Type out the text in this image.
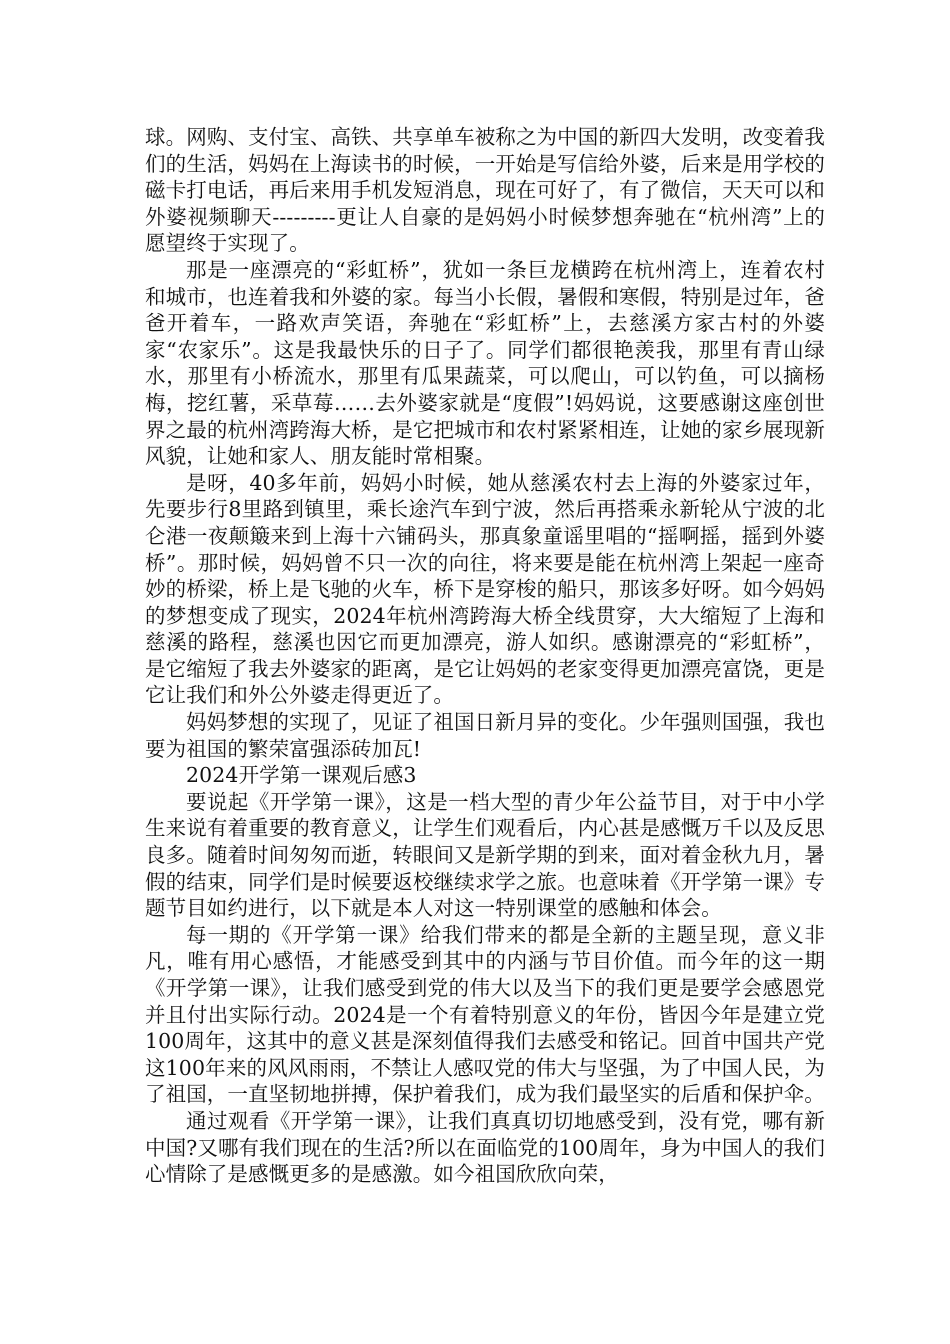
球。网购、支付宝、高铁、共享单车被称之为中国的新四大发明，改变着我们的生活，妈妈在上海读书的时候，一开始是写信给外婆，后来是用学校的磁卡打电话，再后来用手机发短消息，现在可好了，有了微信，天天可以和外婆视频聊天---------更让人自豪的是妈妈小时候梦想奔驰在“杭州湾”上的愿望终于实现了。

那是一座漂亮的“彩虹桥”，犹如一条巨龙横跨在杭州湾上，连着农村和城市，也连着我和外婆的家。每当小长假，暑假和寒假，特别是过年，爸爸开着车，一路欢声笑语，奔驰在“彩虹桥”上，去慈溪方家古村的外婆家“农家乐”。这是我最快乐的日子了。同学们都很艳羡我，那里有青山绿水，那里有小桥流水，那里有瓜果蔬菜，可以爬山，可以钓鱼，可以摘杨梅，挖红薯，采草莓……去外婆家就是“度假”!妈妈说，这要感谢这座创世界之最的杭州湾跨海大桥，是它把城市和农村紧紧相连，让她的家乡展现新风貌，让她和家人、朋友能时常相聚。

是呀，40多年前，妈妈小时候，她从慈溪农村去上海的外婆家过年，先要步行8里路到镇里，乘长途汽车到宁波，然后再搭乘永新轮从宁波的北仑港一夜颠簸来到上海十六铺码头，那真象童谣里唱的“摇啊摇，摇到外婆桥”。那时候，妈妈曾不只一次的向往，将来要是能在杭州湾上架起一座奇妙的桥梁，桥上是飞驰的火车，桥下是穿梭的船只，那该多好呀。如今妈妈的梦想变成了现实，2024年杭州湾跨海大桥全线贯穿，大大缩短了上海和慈溪的路程，慈溪也因它而更加漂亮，游人如织。感谢漂亮的“彩虹桥”，是它缩短了我去外婆家的距离，是它让妈妈的老家变得更加漂亮富饶，更是它让我们和外公外婆走得更近了。

妈妈梦想的实现了，见证了祖国日新月异的变化。少年强则国强，我也要为祖国的繁荣富强添砖加瓦!

2024开学第一课观后感3

要说起《开学第一课》，这是一档大型的青少年公益节目，对于中小学生来说有着重要的教育意义，让学生们观看后，内心甚是感慨万千以及反思良多。随着时间匆匆而逝，转眼间又是新学期的到来，面对着金秋九月，暑假的结束，同学们是时候要返校继续求学之旅。也意味着《开学第一课》专题节目如约进行，以下就是本人对这一特别课堂的感触和体会。

每一期的《开学第一课》给我们带来的都是全新的主题呈现，意义非凡，唯有用心感悟，才能感受到其中的内涵与节目价值。而今年的这一期《开学第一课》，让我们感受到党的伟大以及当下的我们更是要学会感恩党并且付出实际行动。2024是一个有着特别意义的年份，皆因今年是建立党100周年，这其中的意义甚是深刻值得我们去感受和铭记。回首中国共产党这100年来的风风雨雨，不禁让人感叹党的伟大与坚强，为了中国人民，为了祖国，一直坚韧地拼搏，保护着我们，成为我们最坚实的后盾和保护伞。

通过观看《开学第一课》，让我们真真切切地感受到，没有党，哪有新中国?又哪有我们现在的生活?所以在面临党的100周年，身为中国人的我们心情除了是感慨更多的是感激。如今祖国欣欣向荣，
